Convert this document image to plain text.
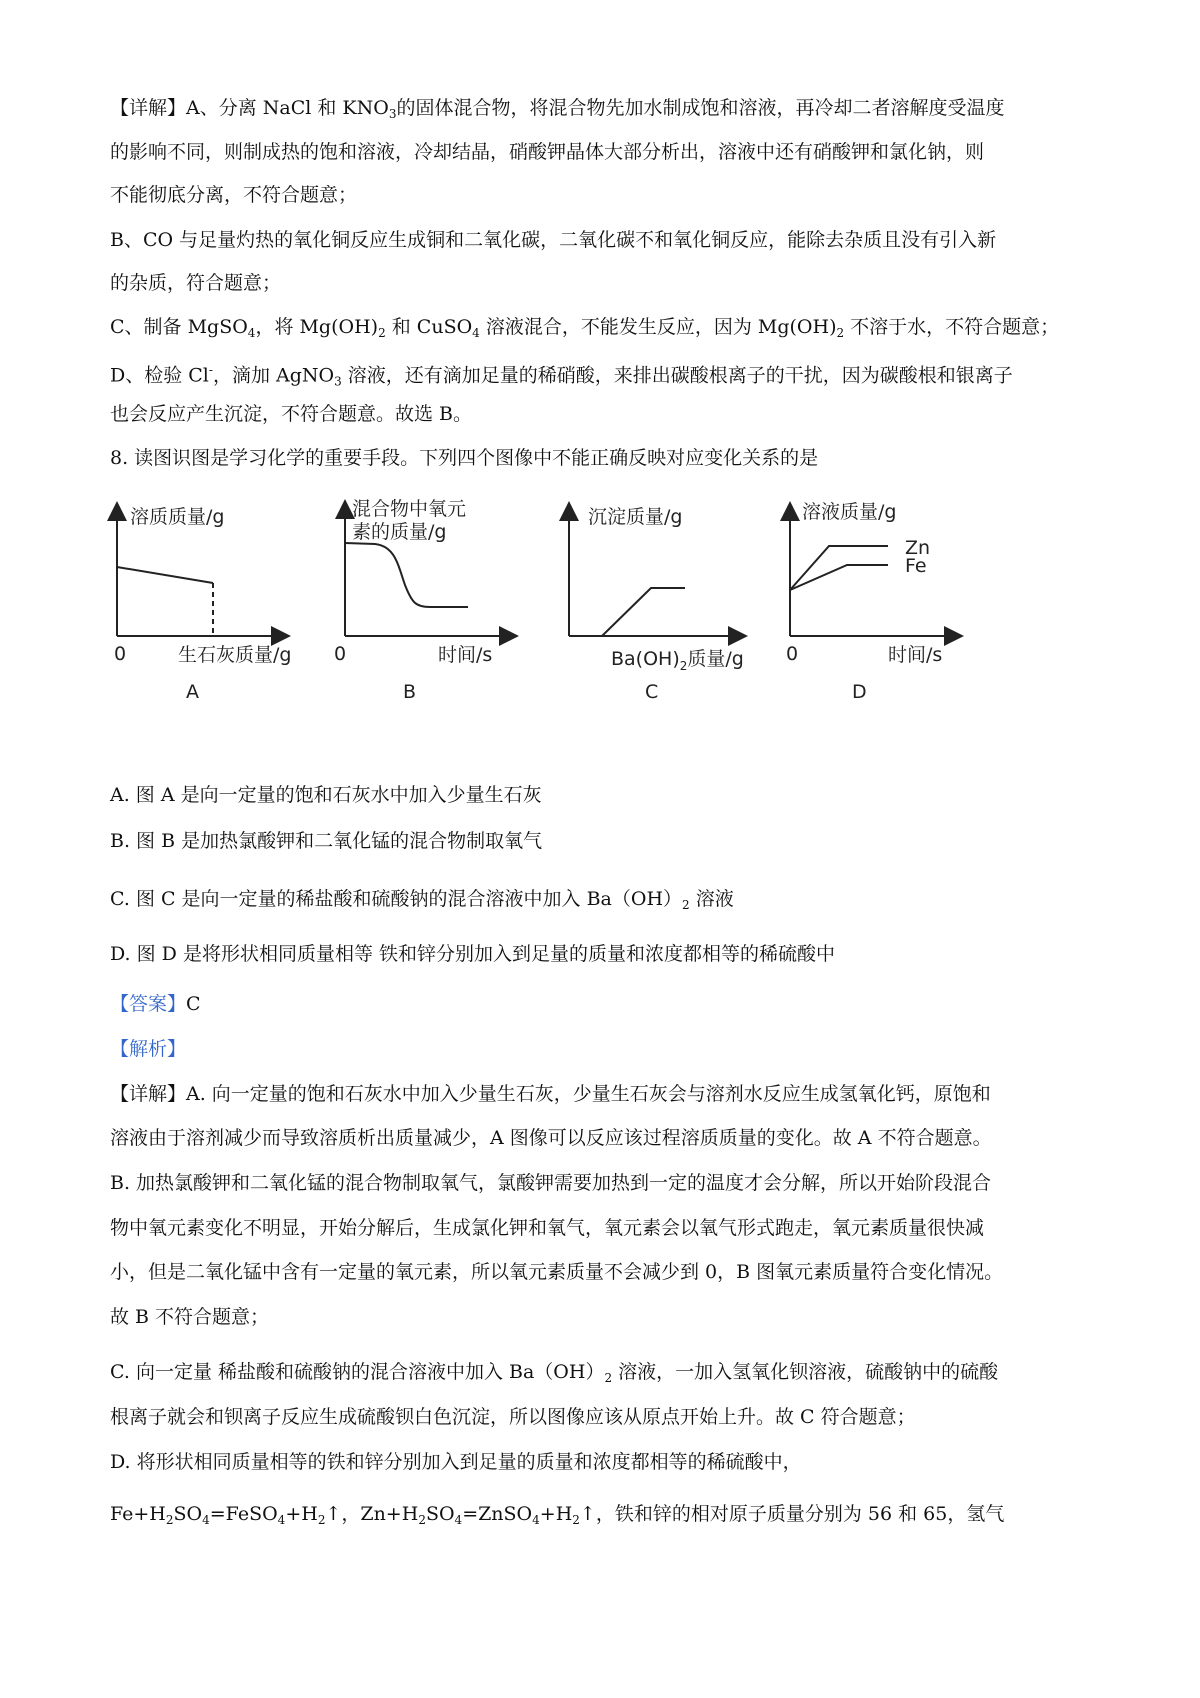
【详解】A、分离 NaCl 和 $KNO_3$的固体混合物，将混合物先加水制成饱和溶液，再冷却二者溶解度受温度
的影响不同，则制成热的饱和溶液，冷却结晶，硝酸钾晶体大部分析出，溶液中还有硝酸钾和氯化钠，则
不能彻底分离，不符合题意；
B、CO 与足量灼热的氧化铜反应生成铜和二氧化碳，二氧化碳不和氧化铜反应，能除去杂质且没有引入新
的杂质，符合题意；
C、制备 MgSO$_4$，将 $Mg(OH)_2$ 和 CuSO$_4$ 溶液混合，不能发生反应，因为 $Mg(OH)_2$ 不溶于水，不符合题意；
D、检验 Cl-，滴加 AgNO$_3$ 溶液，还有滴加足量的稀硝酸，来排出碳酸根离子的干扰，因为碳酸根和银离子
也会反应产生沉淀，不符合题意。故选 B。
8. 读图识图是学习化学的重要手段。下列四个图像中不能正确反映对应变化关系的是
溶质质量/g
0	生石灰质量/g
A
混合物中氧元
素的质量/g
0	时间/s
B
沉淀质量/g
$Ba(OH)_2$质量/g
C
溶液质量/g
Zn
Fe
0	时间/s
D
A. 图 A 是向一定量的饱和石灰水中加入少量生石灰
B. 图 B 是加热氯酸钾和二氧化锰的混合物制取氧气
C. 图 C 是向一定量的稀盐酸和硫酸钠的混合溶液中加入 $Ba(OH)_2$ 溶液
D. 图 D 是将形状相同质量相等 铁和锌分别加入到足量的质量和浓度都相等的稀硫酸中
【答案】C
【解析】
【详解】A. 向一定量的饱和石灰水中加入少量生石灰，少量生石灰会与溶剂水反应生成氢氧化钙，原饱和
溶液由于溶剂减少而导致溶质析出质量减少，A 图像可以反应该过程溶质质量的变化。故 A 不符合题意。
B. 加热氯酸钾和二氧化锰的混合物制取氧气，氯酸钾需要加热到一定的温度才会分解，所以开始阶段混合
物中氧元素变化不明显，开始分解后，生成氯化钾和氧气，氧元素会以氧气形式跑走，氧元素质量很快减
小，但是二氧化锰中含有一定量的氧元素，所以氧元素质量不会减少到 0，B 图氧元素质量符合变化情况。
故 B 不符合题意；
C. 向一定量 稀盐酸和硫酸钠的混合溶液中加入 $Ba(OH)_2$ 溶液，一加入氢氧化钡溶液，硫酸钠中的硫酸
根离子就会和钡离子反应生成硫酸钡白色沉淀，所以图像应该从原点开始上升。故 C 符合题意；
D. 将形状相同质量相等的铁和锌分别加入到足量的质量和浓度都相等的稀硫酸中，
$Fe+H_2SO_4=FeSO_4+H_2↑$，$Zn+H_2SO_4=ZnSO_4+H_2↑$，铁和锌的相对原子质量分别为 56 和 65，氢气
